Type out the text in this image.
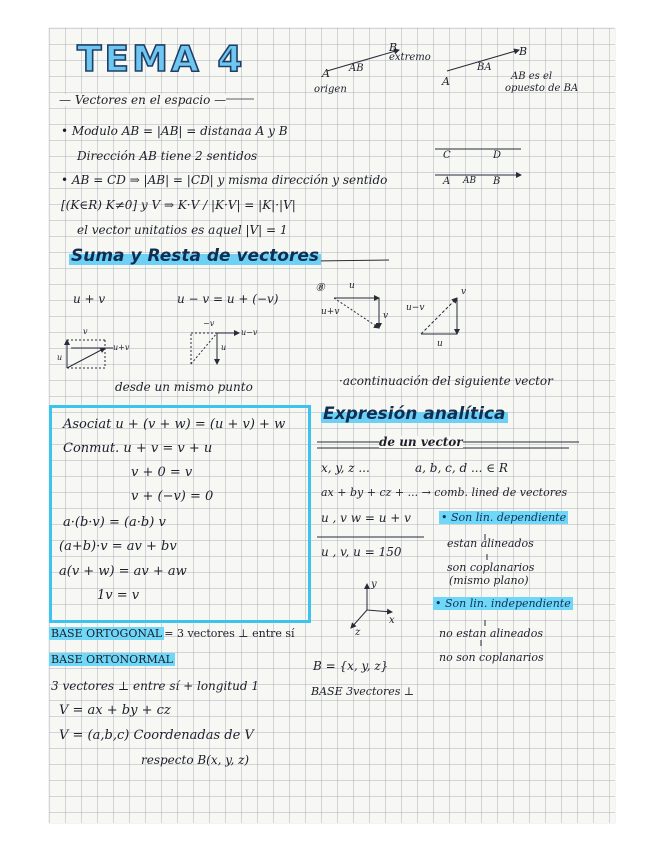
TEMA 4	B
extremo
A AB
origen
B
A
BA
AB es el
opuesto de BA
— Vectores en el espacio —
• Modulo AB = |AB| = distanaa A y B
Dirección AB tiene 2 sentidos
• AB = CD ⇒ |AB| = |CD| y misma dirección y sentido
[(K∈R) K≠0] y V ⇒ K·V / |K·V| = |K|·|V|
el vector unitatios es aquel |V| = 1
C	D
A AB B
Suma y Resta de vectores
u + v	u − v = u + (−v)
⑧	u
u+v	v
u−v
v
u
v
u+v
u
−v
u−v
u
desde un mismo punto	·acontinuación del siguiente vector
Asociat u + (v + w) = (u + v) + w
Conmut. u + v = v + u
v + 0 = v
v + (−v) = 0
a·(b·v) = (a·b) v
(a+b)·v = av + bv
a(v + w) = av + aw
1v = v
Expresión analítica
de un vector
x, y, z ...	a, b, c, d ... ∈ R
ax + by + cz + ... → comb. lined de vectores
u , v w = u + v	• Son lin. dependiente
estan alineados
u , v, u = 150
son coplanarios
(mismo plano)
• Son lin. independiente
no estan alineados
no son coplanarios
y
x
z
BASE ORTOGONAL = 3 vectores ⊥ entre sí
BASE ORTONORMAL
3 vectores ⊥ entre sí + longitud 1
V = ax + by + cz
V = (a,b,c) Coordenadas de V
respecto B(x, y, z)
B = {x, y, z}
BASE 3vectores ⊥
